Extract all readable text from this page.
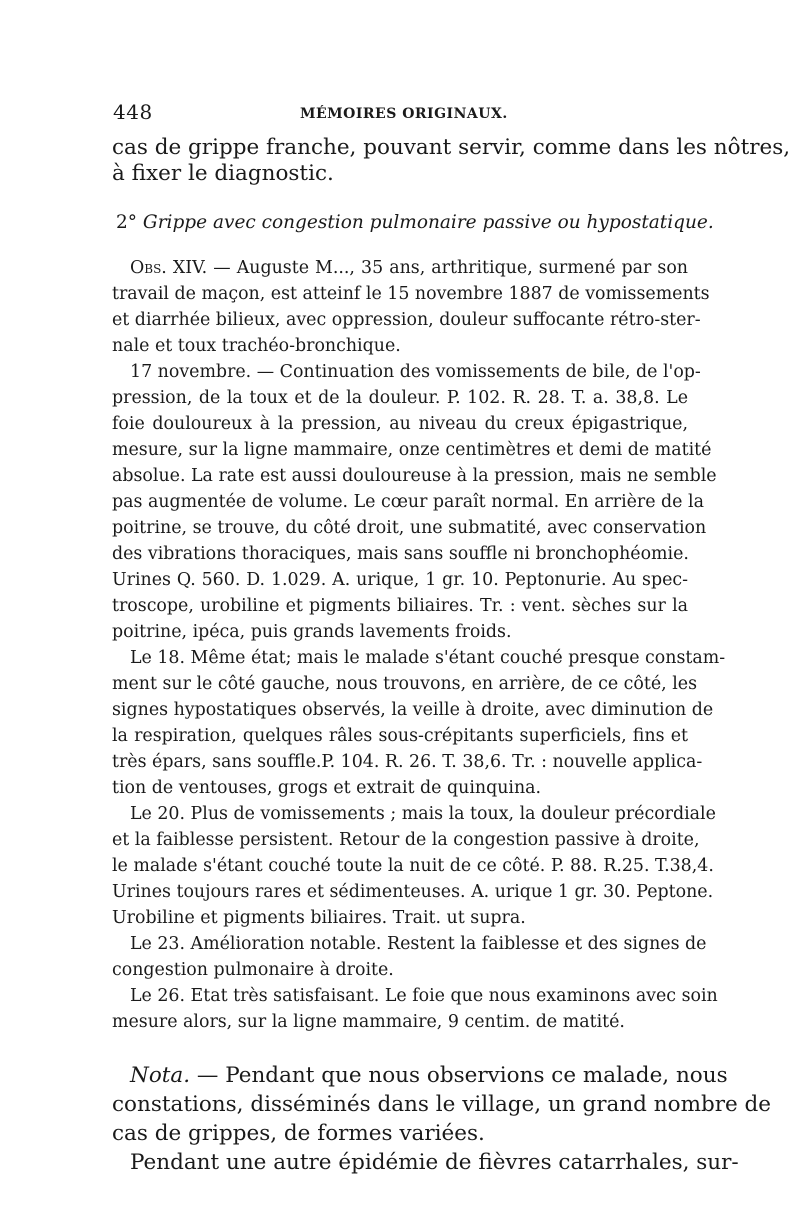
448	MÉMOIRES ORIGINAUX.
cas de grippe franche, pouvant servir, comme dans les nôtres,
à fixer le diagnostic.
2° Grippe avec congestion pulmonaire passive ou hypostatique.
Obs. XIV. — Auguste M..., 35 ans, arthritique, surmené par son
travail de maçon, est atteinf le 15 novembre 1887 de vomissements
et diarrhée bilieux, avec oppression, douleur suffocante rétro-ster-
nale et toux trachéo-bronchique.
17 novembre. — Continuation des vomissements de bile, de l'op-
pression, de la toux et de la douleur. P. 102. R. 28. T. a. 38,8. Le
foie douloureux à la pression, au niveau du creux épigastrique,
mesure, sur la ligne mammaire, onze centimètres et demi de matité
absolue. La rate est aussi douloureuse à la pression, mais ne semble
pas augmentée de volume. Le cœur paraît normal. En arrière de la
poitrine, se trouve, du côté droit, une submatité, avec conservation
des vibrations thoraciques, mais sans souffle ni bronchophéomie.
Urines Q. 560. D. 1.029. A. urique, 1 gr. 10. Peptonurie. Au spec-
troscope, urobiline et pigments biliaires. Tr. : vent. sèches sur la
poitrine, ipéca, puis grands lavements froids.
Le 18. Même état; mais le malade s'étant couché presque constam-
ment sur le côté gauche, nous trouvons, en arrière, de ce côté, les
signes hypostatiques observés, la veille à droite, avec diminution de
la respiration, quelques râles sous-crépitants superficiels, fins et
très épars, sans souffle.P. 104. R. 26. T. 38,6. Tr. : nouvelle applica-
tion de ventouses, grogs et extrait de quinquina.
Le 20. Plus de vomissements ; mais la toux, la douleur précordiale
et la faiblesse persistent. Retour de la congestion passive à droite,
le malade s'étant couché toute la nuit de ce côté. P. 88. R.25. T.38,4.
Urines toujours rares et sédimenteuses. A. urique 1 gr. 30. Peptone.
Urobiline et pigments biliaires. Trait. ut supra.
Le 23. Amélioration notable. Restent la faiblesse et des signes de
congestion pulmonaire à droite.
Le 26. Etat très satisfaisant. Le foie que nous examinons avec soin
mesure alors, sur la ligne mammaire, 9 centim. de matité.
Nota. — Pendant que nous observions ce malade, nous
constations, disséminés dans le village, un grand nombre de
cas de grippes, de formes variées.
Pendant une autre épidémie de fièvres catarrhales, sur-
